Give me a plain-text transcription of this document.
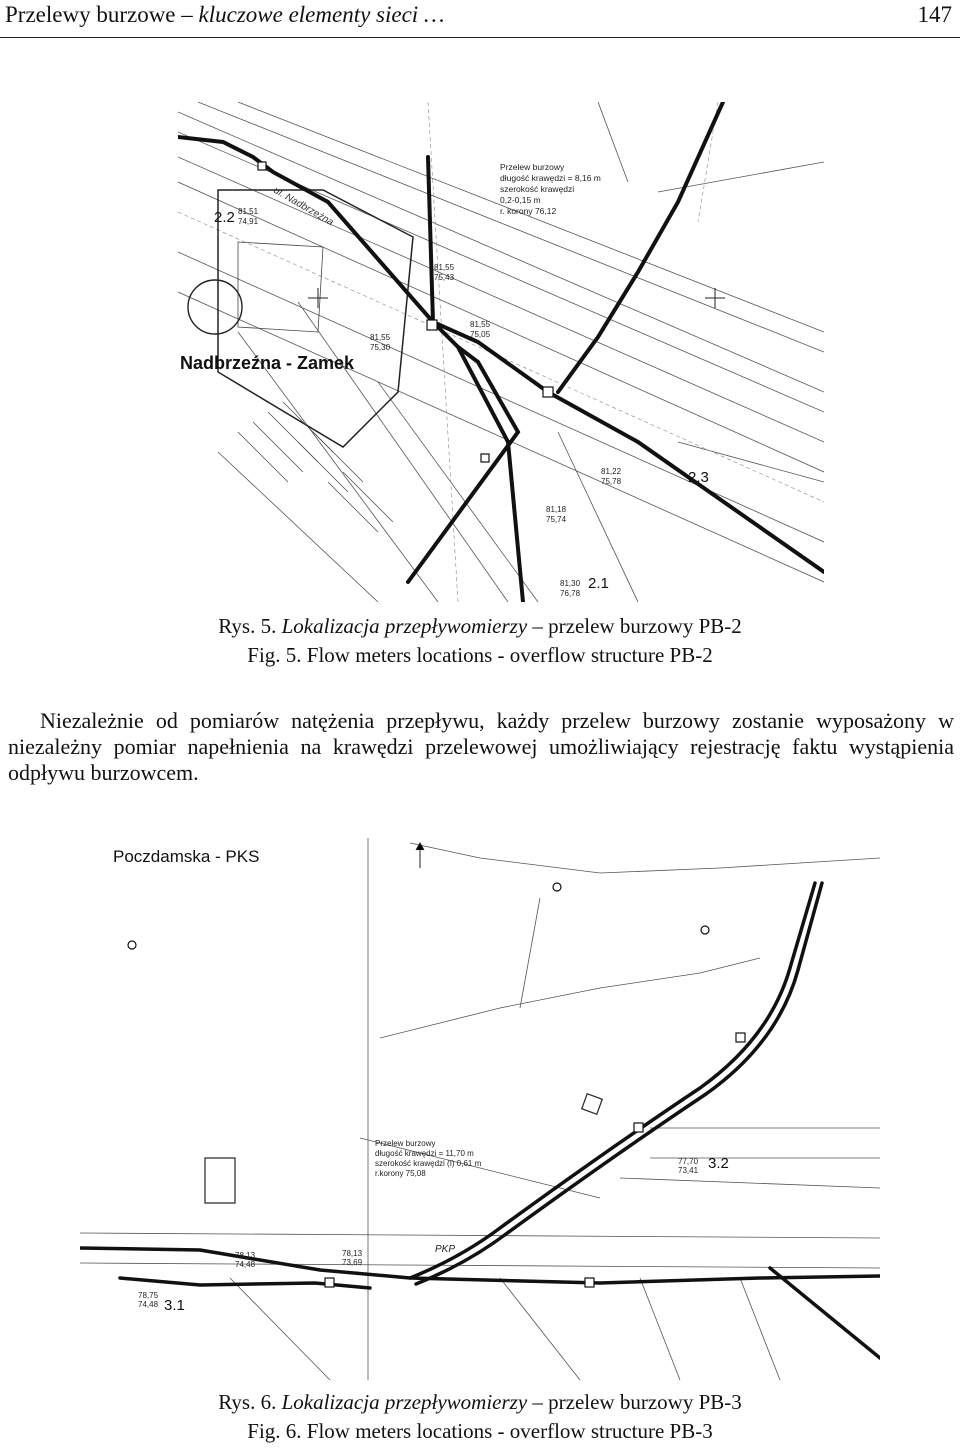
Przelewy burzowe – kluczowe elementy sieci …	147
Nadbrzeźna - Zamek
ul. Nadbrzeżna
2.2
2.3
2.1
81,51
74,91
81,55
75,43
81,55
75,05
81,55
75,30
81,22
75,78
81,18
75,74
81,30
76,78
Przelew burzowy
długość krawędzi = 8,16 m
szerokość krawędzi
0,2-0,15 m
r. korony 76,12
Rys. 5. Lokalizacja przepływomierzy – przelew burzowy PB-2
Fig. 5. Flow meters locations - overflow structure PB-2
Niezależnie od pomiarów natężenia przepływu, każdy przelew burzowy zostanie wyposażony w niezależny pomiar napełnienia na krawędzi przelewowej umożliwiający rejestrację faktu wystąpienia odpływu burzowcem.
Poczdamska - PKS
3.2
3.1
PKP
77,70
73,41
78,13
73,69
78,13
74,48
78,75
74,48
Przelew burzowy
długość krawędzi = 11,70 m
szerokość krawędzi (I) 0,61 m
r.korony 75,08
Rys. 6. Lokalizacja przepływomierzy – przelew burzowy PB-3
Fig. 6. Flow meters locations - overflow structure PB-3
